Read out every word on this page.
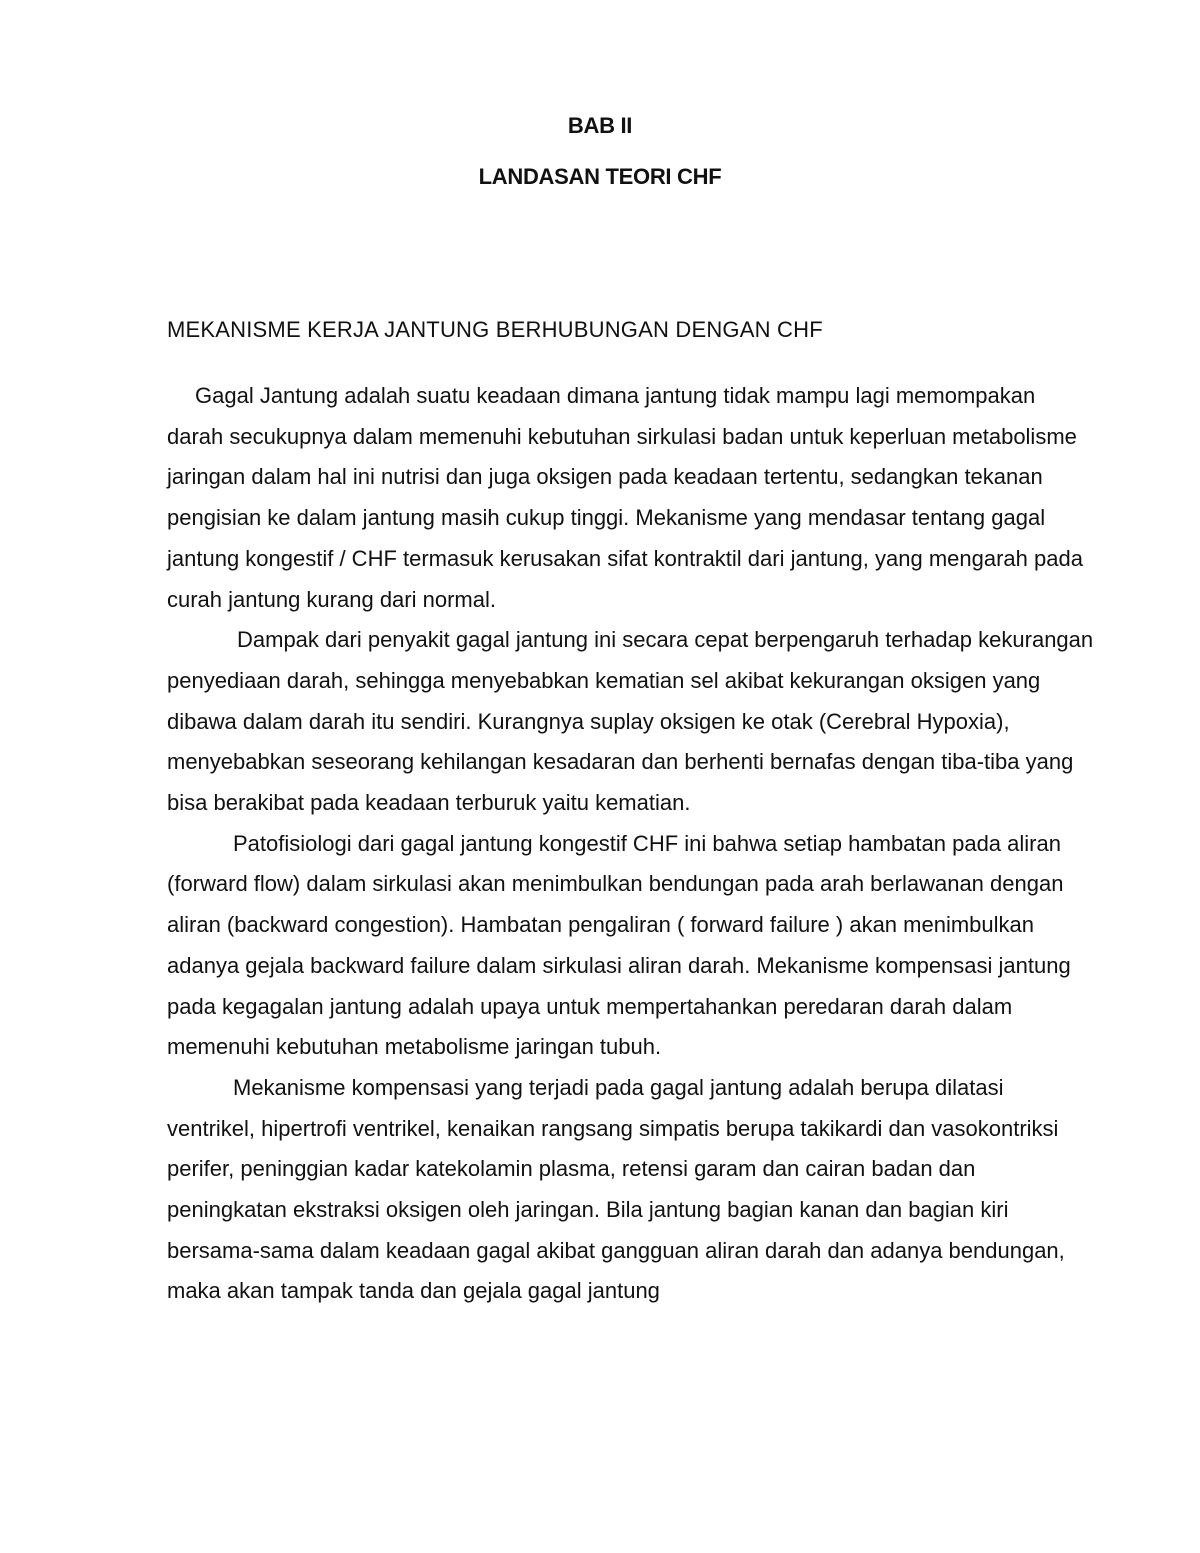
BAB II
LANDASAN TEORI CHF
MEKANISME KERJA JANTUNG BERHUBUNGAN DENGAN CHF

Gagal Jantung adalah suatu keadaan dimana jantung tidak mampu lagi memompakan darah secukupnya dalam memenuhi kebutuhan sirkulasi badan untuk keperluan metabolisme jaringan dalam hal ini nutrisi dan juga oksigen pada keadaan tertentu, sedangkan tekanan pengisian ke dalam jantung masih cukup tinggi. Mekanisme yang mendasar tentang gagal jantung kongestif / CHF termasuk kerusakan sifat kontraktil dari jantung, yang mengarah pada curah jantung kurang dari normal.

Dampak dari penyakit gagal jantung ini secara cepat berpengaruh terhadap kekurangan penyediaan darah, sehingga menyebabkan kematian sel akibat kekurangan oksigen yang dibawa dalam darah itu sendiri. Kurangnya suplay oksigen ke otak (Cerebral Hypoxia), menyebabkan seseorang kehilangan kesadaran dan berhenti bernafas dengan tiba-tiba yang bisa berakibat pada keadaan terburuk yaitu kematian.

Patofisiologi dari gagal jantung kongestif CHF ini bahwa setiap hambatan pada aliran (forward flow) dalam sirkulasi akan menimbulkan bendungan pada arah berlawanan dengan aliran (backward congestion). Hambatan pengaliran ( forward failure ) akan menimbulkan adanya gejala backward failure dalam sirkulasi aliran darah. Mekanisme kompensasi jantung pada kegagalan jantung adalah upaya untuk mempertahankan peredaran darah dalam memenuhi kebutuhan metabolisme jaringan tubuh.

Mekanisme kompensasi yang terjadi pada gagal jantung adalah berupa dilatasi ventrikel, hipertrofi ventrikel, kenaikan rangsang simpatis berupa takikardi dan vasokontriksi perifer, peninggian kadar katekolamin plasma, retensi garam dan cairan badan dan peningkatan ekstraksi oksigen oleh jaringan. Bila jantung bagian kanan dan bagian kiri bersama-sama dalam keadaan gagal akibat gangguan aliran darah dan adanya bendungan, maka akan tampak tanda dan gejala gagal jantung
